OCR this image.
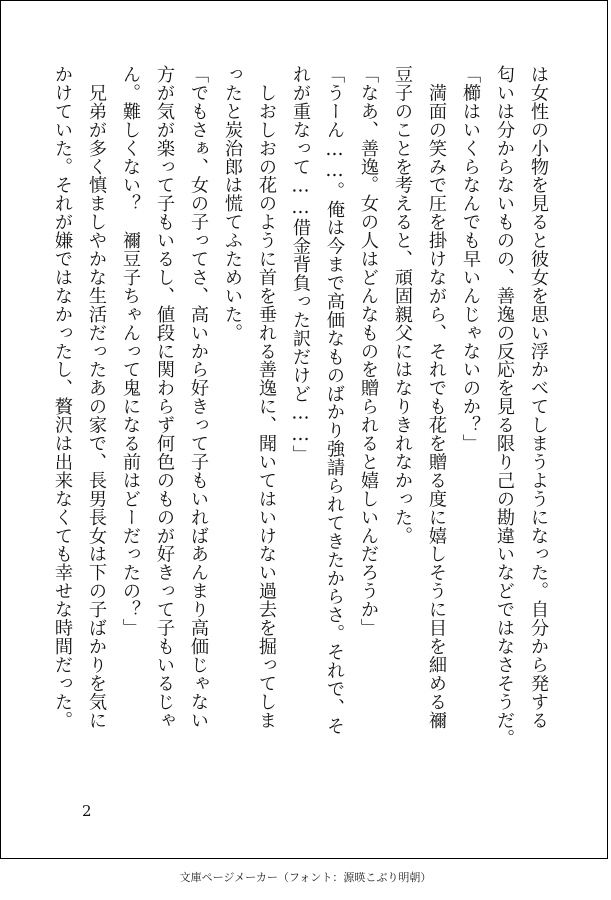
は女性の小物を見ると彼女を思い浮かべてしまうようになった。自分から発する
匂いは分からないものの、善逸の反応を見る限り己の勘違いなどではなさそうだ。
「櫛はいくらなんでも早いんじゃないのか？」
　満面の笑みで圧を掛けながら、それでも花を贈る度に嬉しそうに目を細める禰
豆子のことを考えると、頑固親父にはなりきれなかった。
「なあ、善逸。女の人はどんなものを贈られると嬉しいんだろうか」
「うーん……。俺は今まで高価なものばかり強請られてきたからさ。それで、そ
れが重なって……借金背負った訳だけど……」
　しおしおの花のように首を垂れる善逸に、聞いてはいけない過去を掘ってしま
ったと炭治郎は慌てふためいた。
「でもさぁ、女の子ってさ、高いから好きって子もいればあんまり高価じゃない
方が気が楽って子もいるし、値段に関わらず何色のものが好きって子もいるじゃ
ん。難しくない？　禰豆子ちゃんって鬼になる前はどーだったの？」
　兄弟が多く慎ましやかな生活だったあの家で、長男長女は下の子ばかりを気に
かけていた。それが嫌ではなかったし、贅沢は出来なくても幸せな時間だった。
2
文庫ページメーカー（フォント：源暎こぶり明朝）
